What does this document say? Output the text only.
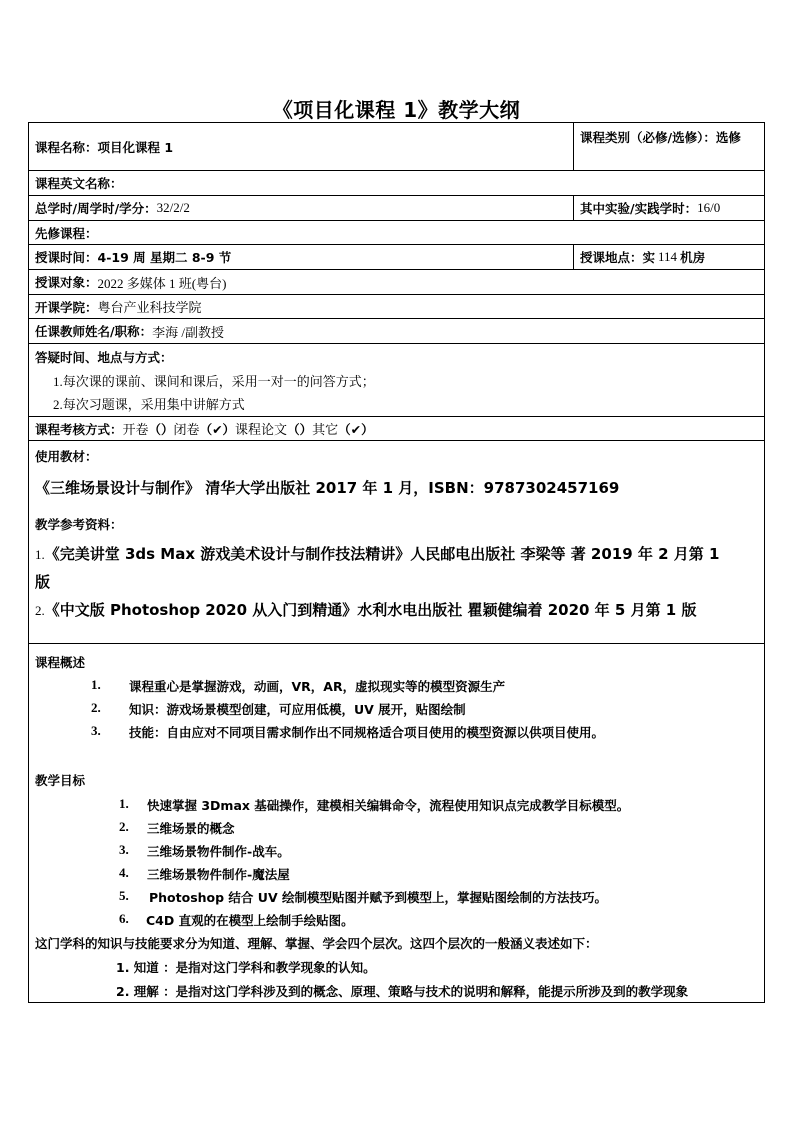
《项目化课程 1》教学大纲
课程名称： 项目化课程 1
课程类别（必修/选修）：选修
课程英文名称：
总学时/周学时/学分： 32/2/2	其中实验/实践学时： 16/0
先修课程：
授课时间： 4-19 周 星期二 8-9 节	授课地点： 实 114 机房
授课对象： 2022 多媒体 1 班(粤台)
开课学院： 粤台产业科技学院
任课教师姓名/职称： 李海 /副教授
答疑时间、地点与方式：
1.每次课的课前、课间和课后，采用一对一的问答方式；
2.每次习题课，采用集中讲解方式
课程考核方式： 开卷 （） 闭卷 （✔） 课程论文 （） 其它 （✔）
使用教材：
《三维场景设计与制作》 清华大学出版社 2017 年 1 月，ISBN：9787302457169
教学参考资料：
1.《完美讲堂 3ds Max 游戏美术设计与制作技法精讲》人民邮电出版社 李梁等 著 2019 年 2 月第 1
版
2.《中文版 Photoshop 2020 从入门到精通》水利水电出版社 瞿颖健编着 2020 年 5 月第 1 版
课程概述
1. 课程重心是掌握游戏，动画，VR，AR，虚拟现实等的模型资源生产
2. 知识：游戏场景模型创建，可应用低模，UV 展开，贴图绘制
3. 技能：自由应对不同项目需求制作出不同规格适合项目使用的模型资源以供项目使用。
教学目标
1. 快速掌握 3Dmax 基础操作，建模相关编辑命令，流程使用知识点完成教学目标模型。
2. 三维场景的概念
3. 三维场景物件制作-战车。
4. 三维场景物件制作-魔法屋
5. Photoshop 结合 UV 绘制模型贴图并赋予到模型上，掌握贴图绘制的方法技巧。
6. C4D 直观的在模型上绘制手绘贴图。
这门学科的知识与技能要求分为知道、理解、掌握、学会四个层次。这四个层次的一般涵义表述如下：
1. 知道 ：是指对这门学科和教学现象的认知。
2. 理解 ：是指对这门学科涉及到的概念、原理、策略与技术的说明和解释，能提示所涉及到的教学现象
